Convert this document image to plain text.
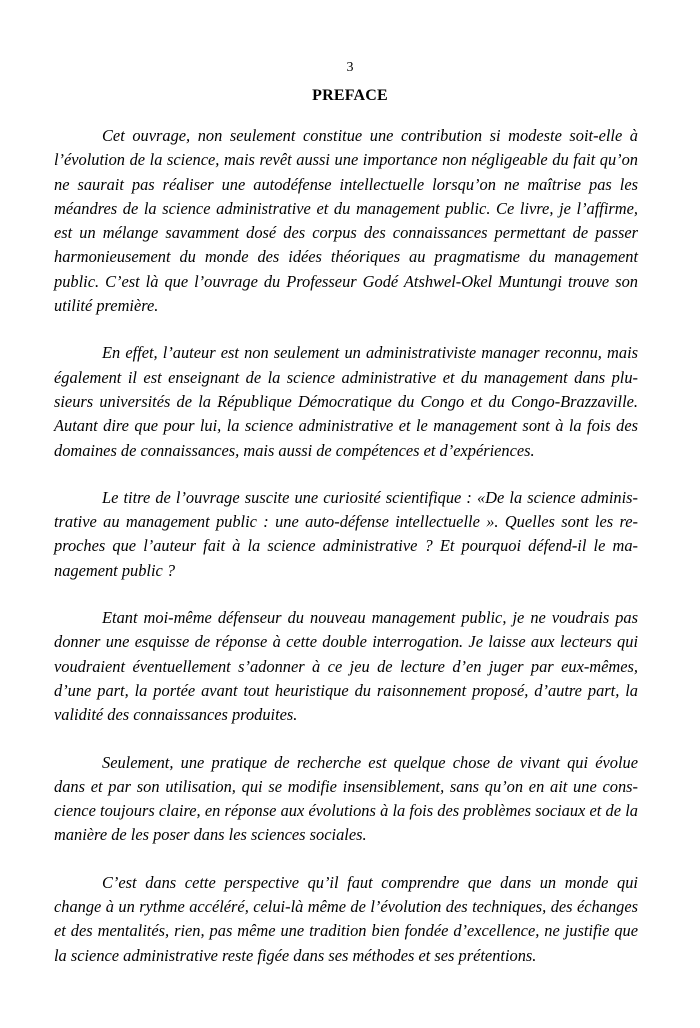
3
PREFACE

Cet ouvrage, non seulement constitue une contribution si modeste soit-elle à l’évolution de la science, mais revêt aussi une importance non négligeable du fait qu’on ne saurait pas réaliser une autodéfense intellectuelle lorsqu’on ne maîtrise pas les méandres de la science administrative et du management public. Ce livre, je l’affirme, est un mélange savamment dosé des corpus des connaissances permettant de passer harmonieusement du monde des idées théoriques au pragmatisme du management public. C’est là que l’ouvrage du Professeur Godé Atshwel-Okel Muntungi trouve son utilité première.

En effet, l’auteur est non seulement un administrativiste manager reconnu, mais également il est enseignant de la science administrative et du management dans plusieurs universités de la République Démocratique du Congo et du Congo-Brazzaville. Autant dire que pour lui, la science administrative et le management sont à la fois des domaines de connaissances, mais aussi de compétences et d’expériences.

Le titre de l’ouvrage suscite une curiosité scientifique : «De la science administrative au management public : une auto-défense intellectuelle ». Quelles sont les reproches que l’auteur fait à la science administrative ? Et pourquoi défend-il le management public ?

Etant moi-même défenseur du nouveau management public, je ne voudrais pas donner une esquisse de réponse à cette double interrogation. Je laisse aux lecteurs qui voudraient éventuellement s’adonner à ce jeu de lecture d’en juger par eux-mêmes, d’une part, la portée avant tout heuristique du raisonnement proposé, d’autre part, la validité des connaissances produites.

Seulement, une pratique de recherche est quelque chose de vivant qui évolue dans et par son utilisation, qui se modifie insensiblement, sans qu’on en ait une conscience toujours claire, en réponse aux évolutions à la fois des problèmes sociaux et de la manière de les poser dans les sciences sociales.

C’est dans cette perspective qu’il faut comprendre que dans un monde qui change à un rythme accéléré, celui-là même de l’évolution des techniques, des échanges et des mentalités, rien, pas même une tradition bien fondée d’excellence, ne justifie que la science administrative reste figée dans ses méthodes et ses prétentions.
